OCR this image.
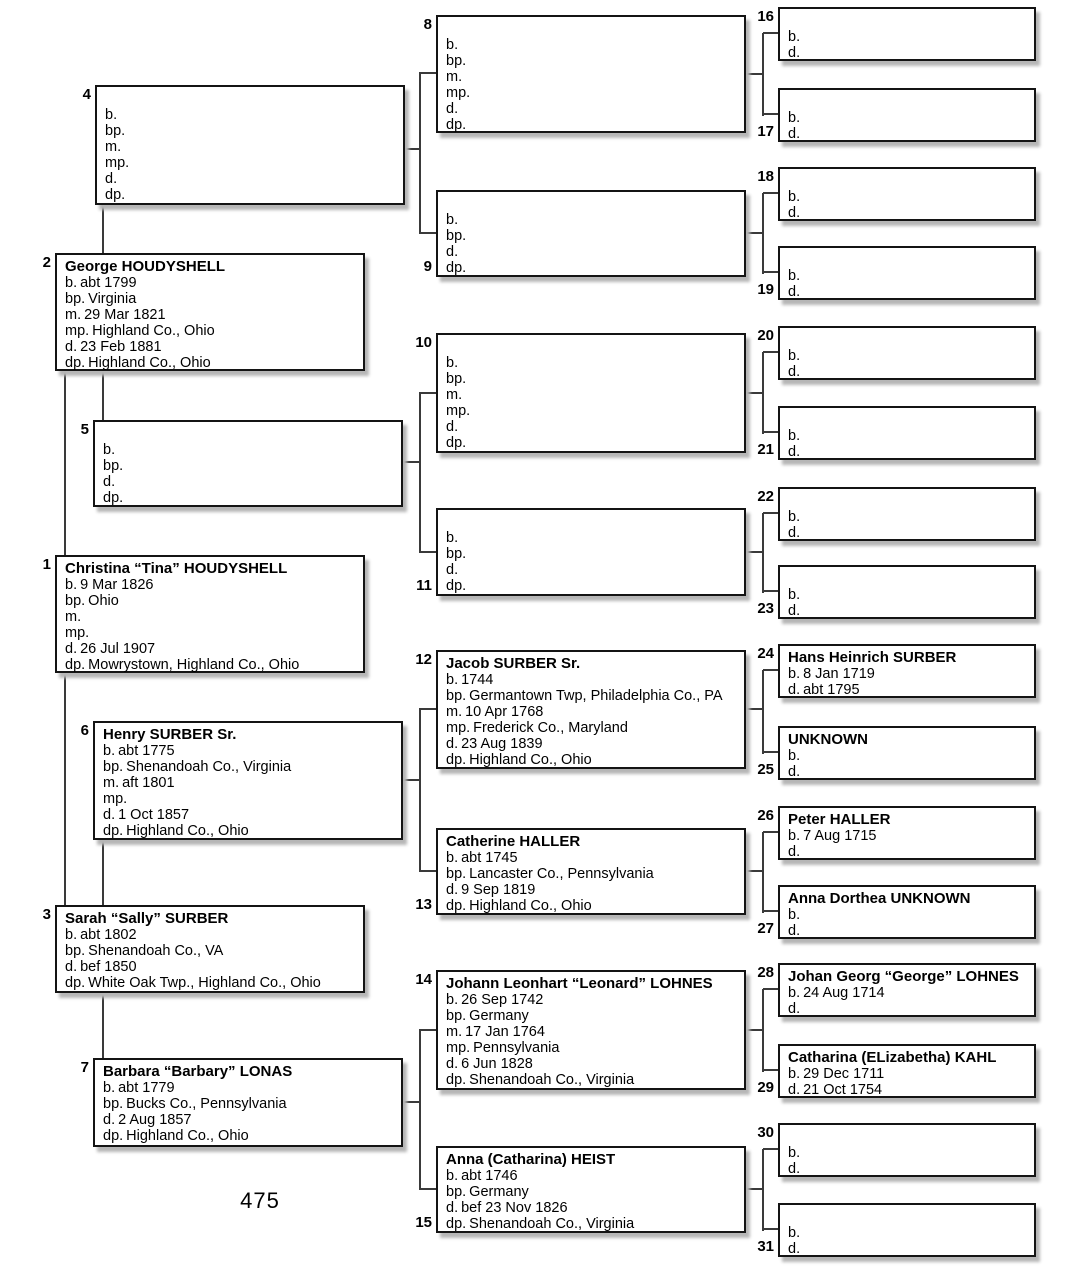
Christina “Tina” HOUDYSHELL
b. 9 Mar 1826
bp. Ohio
m.
mp.
d. 26 Jul 1907
dp. Mowrystown, Highland Co., Ohio
1
George HOUDYSHELL
b. abt 1799
bp. Virginia
m. 29 Mar 1821
mp. Highland Co., Ohio
d. 23 Feb 1881
dp. Highland Co., Ohio
2
Sarah “Sally” SURBER
b. abt 1802
bp. Shenandoah Co., VA
d. bef 1850
dp. White Oak Twp., Highland Co., Ohio
3
b.
bp.
m.
mp.
d.
dp.
4
b.
bp.
d.
dp.
5
Henry SURBER Sr.
b. abt 1775
bp. Shenandoah Co., Virginia
m. aft 1801
mp.
d. 1 Oct 1857
dp. Highland Co., Ohio
6
Barbara “Barbary” LONAS
b. abt 1779
bp. Bucks Co., Pennsylvania
d. 2 Aug 1857
dp. Highland Co., Ohio
7
b.
bp.
m.
mp.
d.
dp.
8
b.
bp.
d.
dp.
9
b.
bp.
m.
mp.
d.
dp.
10
b.
bp.
d.
dp.
11
Jacob SURBER Sr.
b. 1744
bp. Germantown Twp, Philadelphia Co., PA
m. 10 Apr 1768
mp. Frederick Co., Maryland
d. 23 Aug 1839
dp. Highland Co., Ohio
12
Catherine HALLER
b. abt 1745
bp. Lancaster Co., Pennsylvania
d. 9 Sep 1819
dp. Highland Co., Ohio
13
Johann Leonhart “Leonard” LOHNES
b. 26 Sep 1742
bp. Germany
m. 17 Jan 1764
mp. Pennsylvania
d. 6 Jun 1828
dp. Shenandoah Co., Virginia
14
Anna (Catharina) HEIST
b. abt 1746
bp. Germany
d. bef 23 Nov 1826
dp. Shenandoah Co., Virginia
15
b.
d.
16
b.
d.
17
b.
d.
18
b.
d.
19
b.
d.
20
b.
d.
21
b.
d.
22
b.
d.
23
Hans Heinrich SURBER
b. 8 Jan 1719
d. abt 1795
24
UNKNOWN
b.
d.
25
Peter HALLER
b. 7 Aug 1715
d.
26
Anna Dorthea UNKNOWN
b.
d.
27
Johan Georg “George” LOHNES
b. 24 Aug 1714
d.
28
Catharina (ELizabetha) KAHL
b. 29 Dec 1711
d. 21 Oct 1754
29
b.
d.
30
b.
d.
31
475
